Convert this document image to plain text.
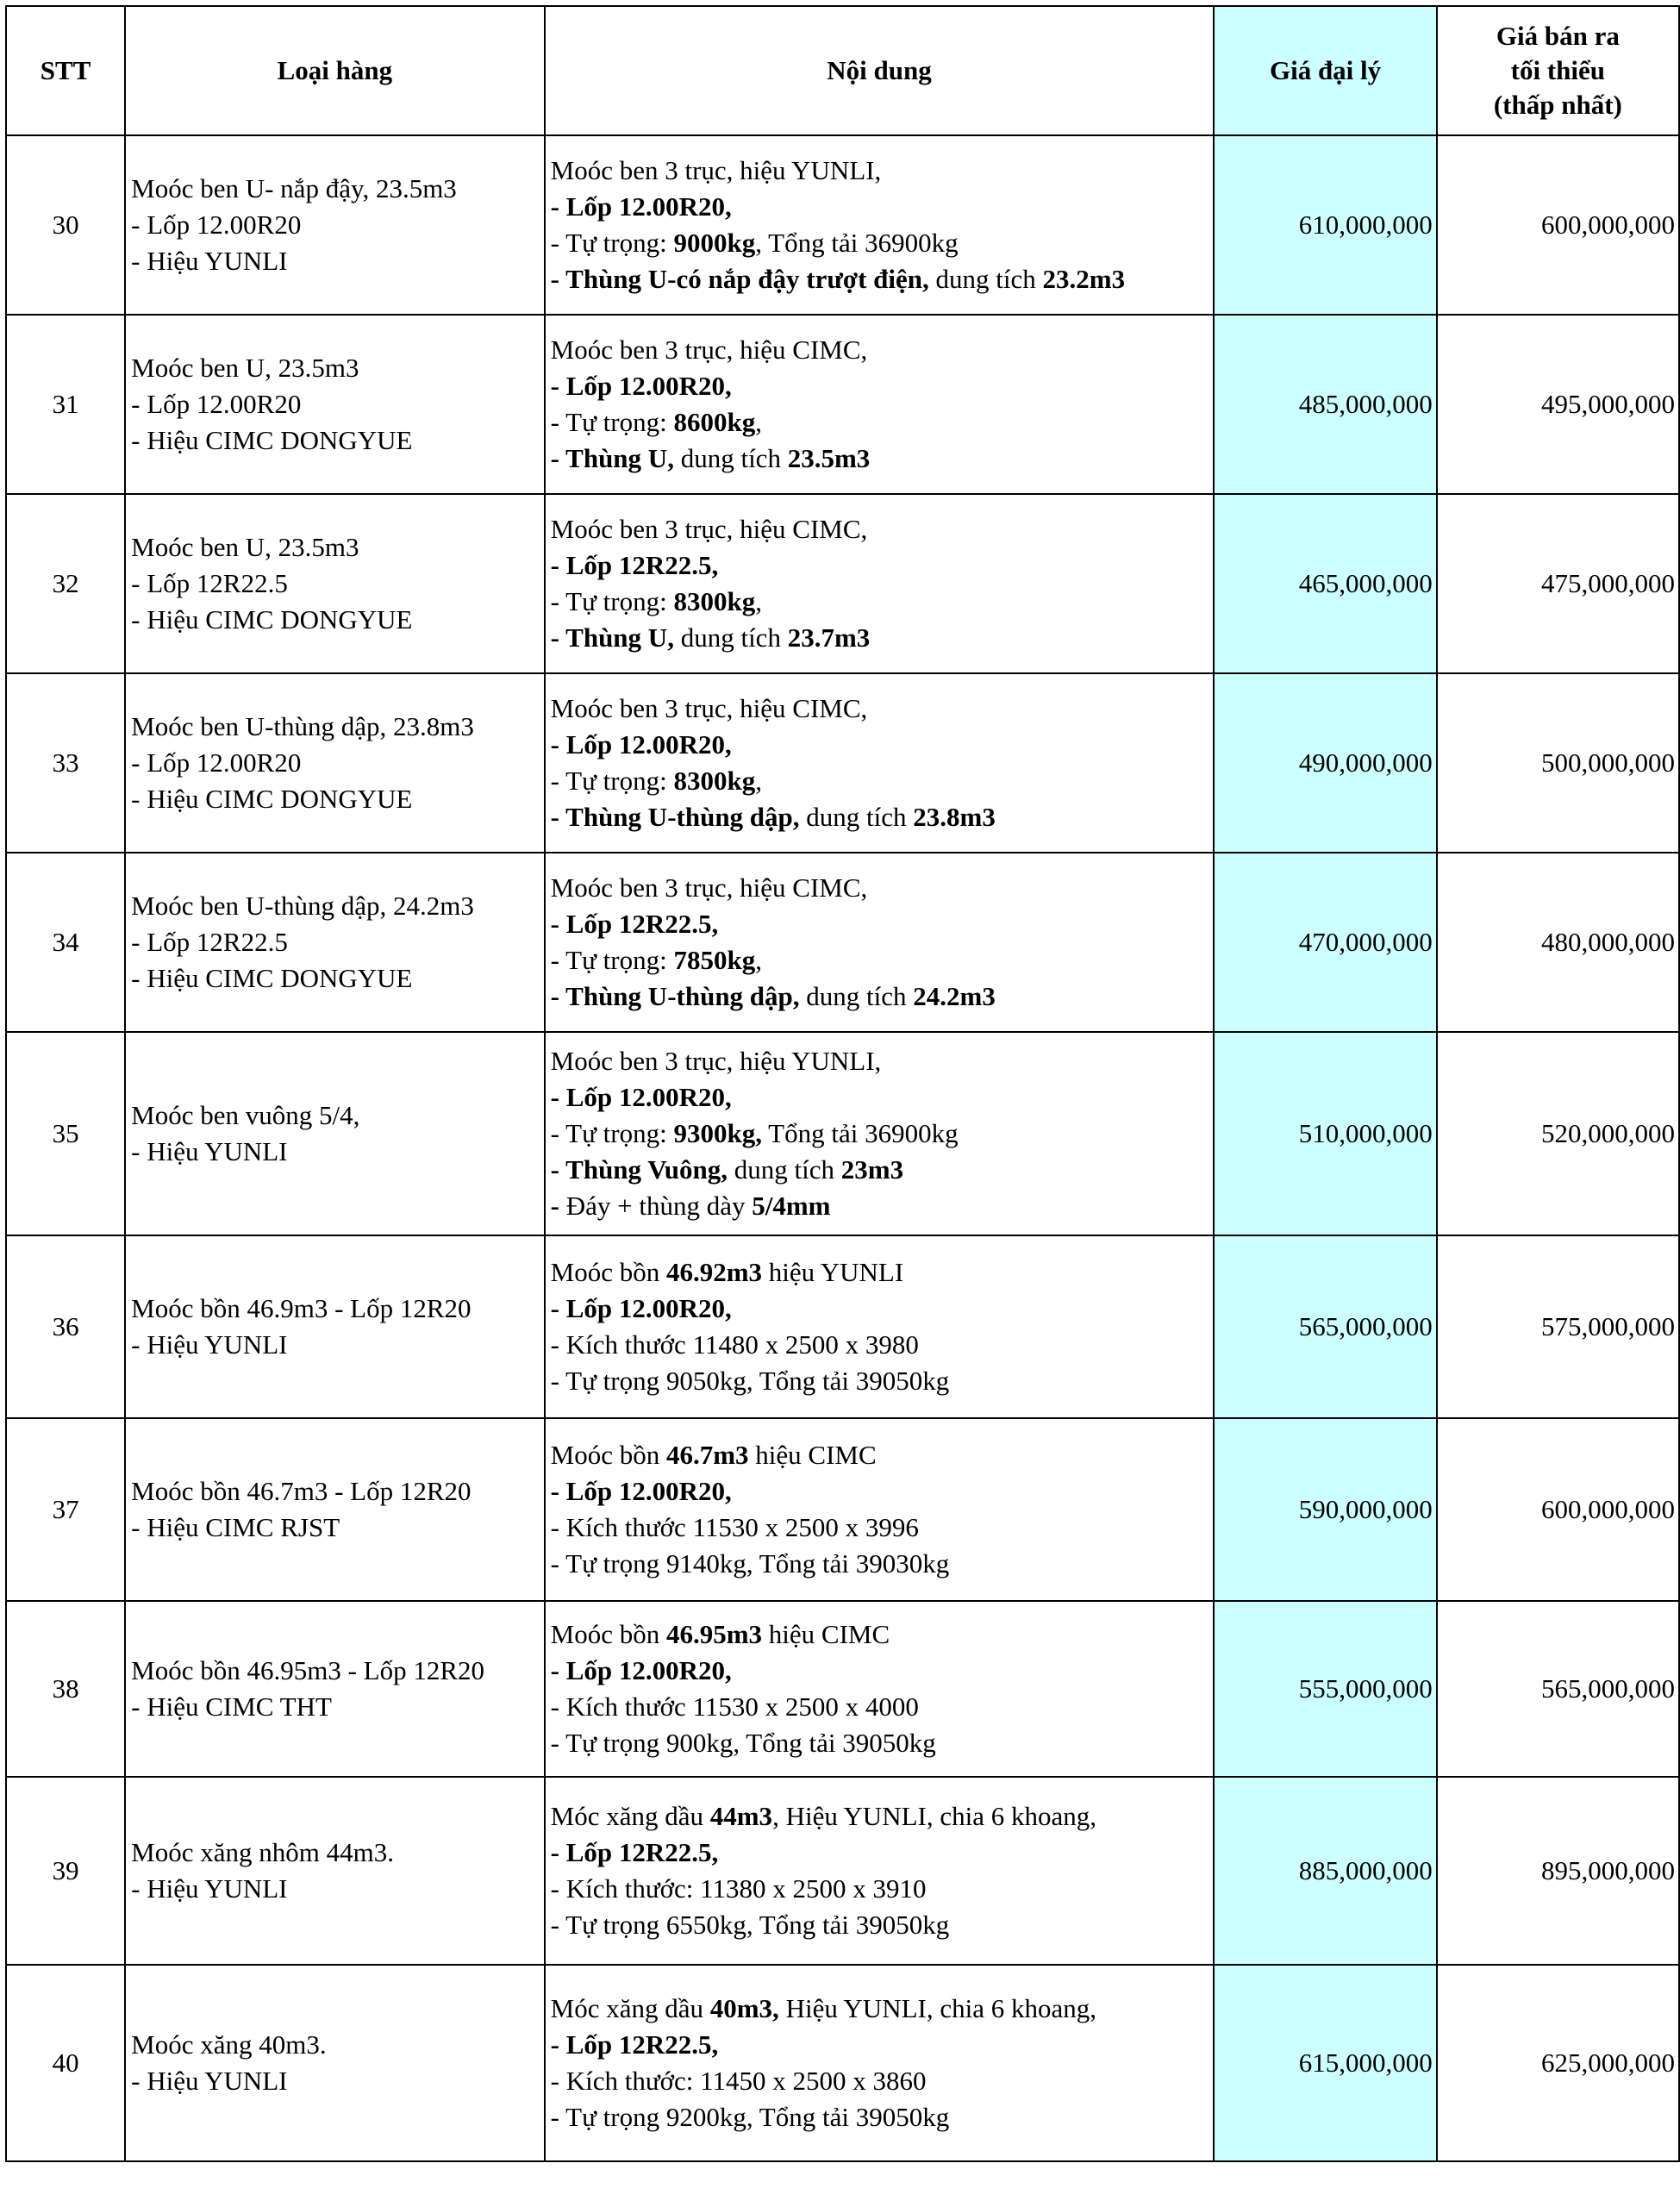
STT	Loại hàng	Nội dung	Giá đại lý	Giá bán ra
tối thiểu
(thấp nhất)

30	Moóc ben U- nắp đậy, 23.5m3
- Lốp 12.00R20
- Hiệu YUNLI	Moóc ben 3 trục, hiệu YUNLI,
- Lốp 12.00R20,
- Tự trọng: 9000kg, Tổng tải 36900kg
- Thùng U-có nắp đậy trượt điện, dung tích 23.2m3	610,000,000	600,000,000
31	Moóc ben U, 23.5m3
- Lốp 12.00R20
- Hiệu CIMC DONGYUE	Moóc ben 3 trục, hiệu CIMC,
- Lốp 12.00R20,
- Tự trọng: 8600kg,
- Thùng U, dung tích 23.5m3	485,000,000	495,000,000
32	Moóc ben U, 23.5m3
- Lốp 12R22.5
- Hiệu CIMC DONGYUE	Moóc ben 3 trục, hiệu CIMC,
- Lốp 12R22.5,
- Tự trọng: 8300kg,
- Thùng U, dung tích 23.7m3	465,000,000	475,000,000
33	Moóc ben U-thùng dập, 23.8m3
- Lốp 12.00R20
- Hiệu CIMC DONGYUE	Moóc ben 3 trục, hiệu CIMC,
- Lốp 12.00R20,
- Tự trọng: 8300kg,
- Thùng U-thùng dập, dung tích 23.8m3	490,000,000	500,000,000
34	Moóc ben U-thùng dập, 24.2m3
- Lốp 12R22.5
- Hiệu CIMC DONGYUE	Moóc ben 3 trục, hiệu CIMC,
- Lốp 12R22.5,
- Tự trọng: 7850kg,
- Thùng U-thùng dập, dung tích 24.2m3	470,000,000	480,000,000
35	Moóc ben vuông 5/4,
- Hiệu YUNLI	Moóc ben 3 trục, hiệu YUNLI,
- Lốp 12.00R20,
- Tự trọng: 9300kg, Tổng tải 36900kg
- Thùng Vuông, dung tích 23m3
- Đáy + thùng dày 5/4mm	510,000,000	520,000,000
36	Moóc bồn 46.9m3 - Lốp 12R20
- Hiệu YUNLI	Moóc bồn 46.92m3 hiệu YUNLI
- Lốp 12.00R20,
- Kích thước 11480 x 2500 x 3980
- Tự trọng 9050kg, Tổng tải 39050kg	565,000,000	575,000,000
37	Moóc bồn 46.7m3 - Lốp 12R20
- Hiệu CIMC RJST	Moóc bồn 46.7m3 hiệu CIMC
- Lốp 12.00R20,
- Kích thước 11530 x 2500 x 3996
- Tự trọng 9140kg, Tổng tải 39030kg	590,000,000	600,000,000
38	Moóc bồn 46.95m3 - Lốp 12R20
- Hiệu CIMC THT	Moóc bồn 46.95m3 hiệu CIMC
- Lốp 12.00R20,
- Kích thước 11530 x 2500 x 4000
- Tự trọng 900kg, Tổng tải 39050kg	555,000,000	565,000,000
39	Moóc xăng nhôm 44m3.
- Hiệu YUNLI	Móc xăng dầu 44m3, Hiệu YUNLI, chia 6 khoang,
- Lốp 12R22.5,
- Kích thước: 11380 x 2500 x 3910
- Tự trọng 6550kg, Tổng tải 39050kg	885,000,000	895,000,000
40	Moóc xăng 40m3.
- Hiệu YUNLI	Móc xăng dầu 40m3, Hiệu YUNLI, chia 6 khoang,
- Lốp 12R22.5,
- Kích thước: 11450 x 2500 x 3860
- Tự trọng 9200kg, Tổng tải 39050kg	615,000,000	625,000,000
